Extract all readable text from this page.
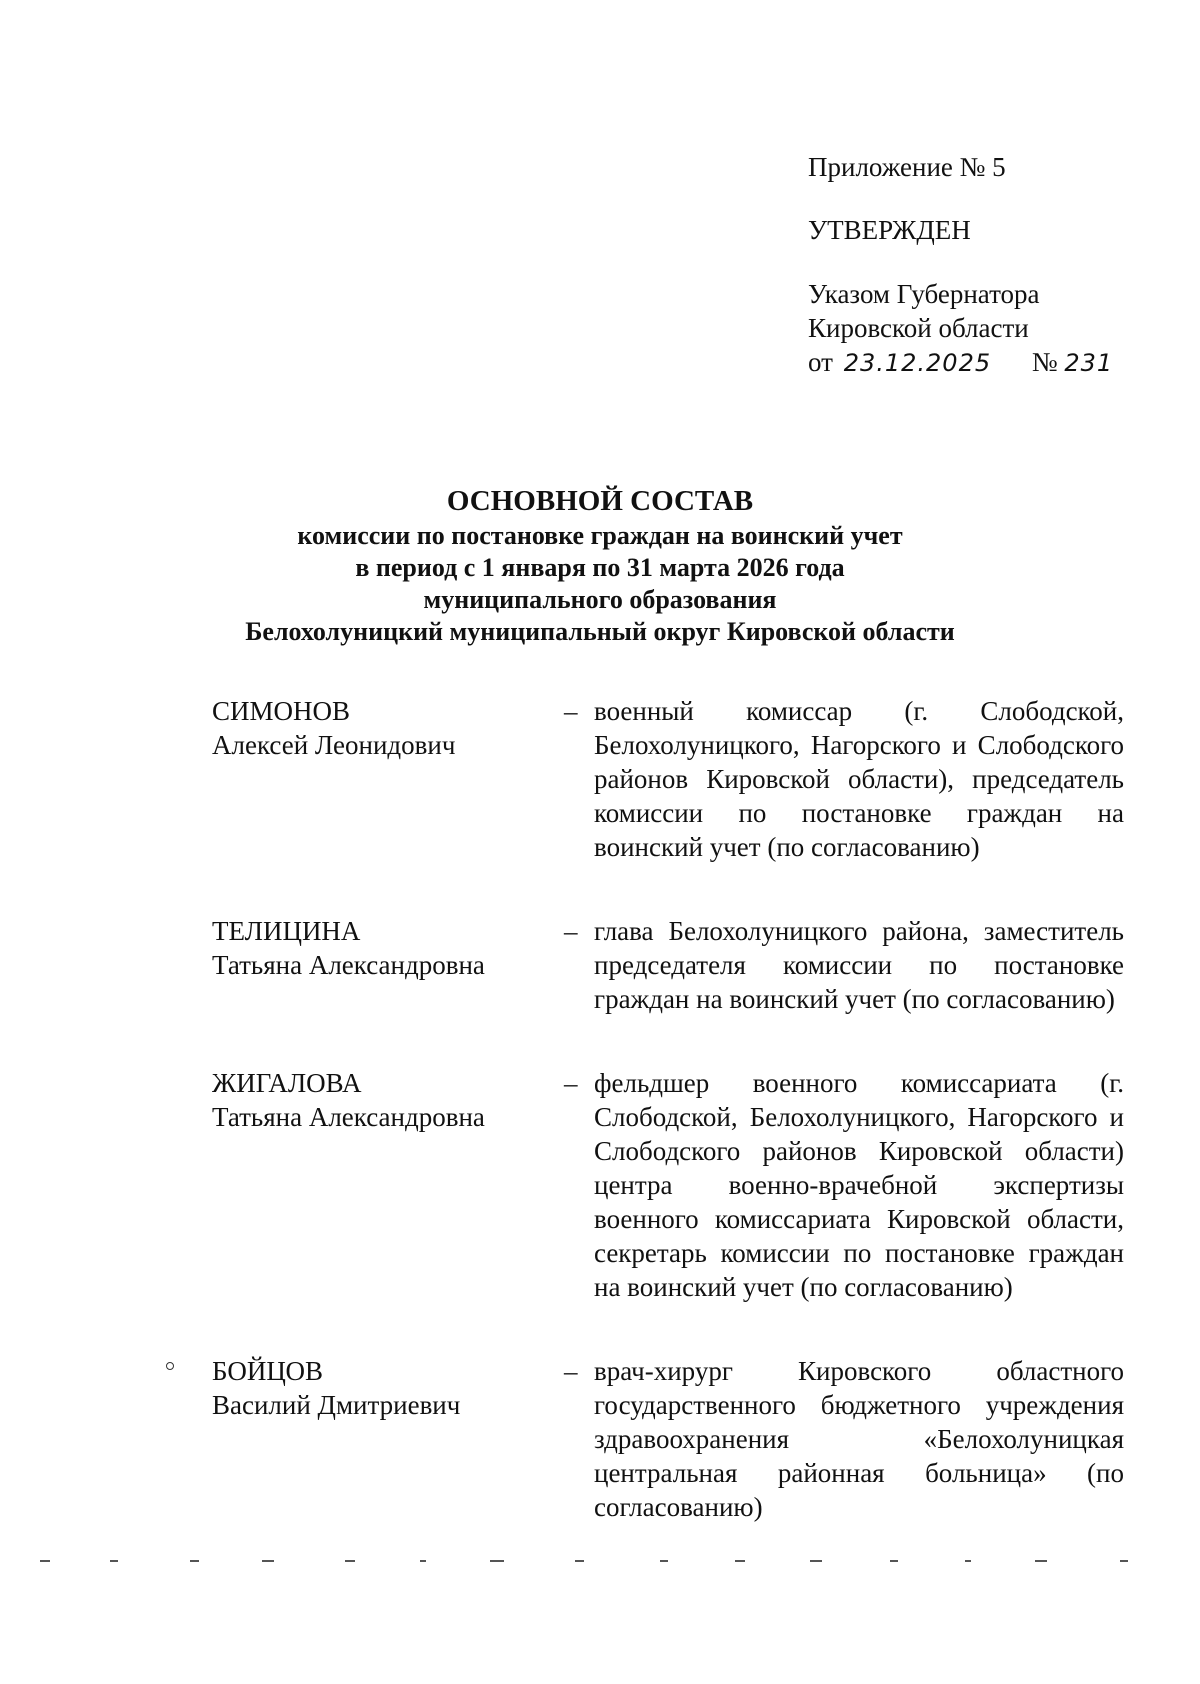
Приложение № 5
УТВЕРЖДЕН
Указом Губернатора
Кировской области
от 23.12.2025 № 231
ОСНОВНОЙ СОСТАВ
комиссии по постановке граждан на воинский учет
в период с 1 января по 31 марта 2026 года
муниципального образования
Белохолуницкий муниципальный округ Кировской области
СИМОНОВ
Алексей Леонидович
– военный комиссар (г. Слободской, Белохолуницкого, Нагорского и Слободского районов Кировской области), председатель комиссии по постановке граждан на воинский учет (по согласованию)
ТЕЛИЦИНА
Татьяна Александровна
– глава Белохолуницкого района, заместитель председателя комиссии по постановке граждан на воинский учет (по согласованию)
ЖИГАЛОВА
Татьяна Александровна
– фельдшер военного комиссариата (г. Слободской, Белохолуницкого, Нагорского и Слободского районов Кировской области) центра военно-врачебной экспертизы военного комиссариата Кировской области, секретарь комиссии по постановке граждан на воинский учет (по согласованию)
БОЙЦОВ
Василий Дмитриевич
– врач-хирург Кировского областного государственного бюджетного учреждения здравоохранения «Белохолуницкая центральная районная больница» (по согласованию)
